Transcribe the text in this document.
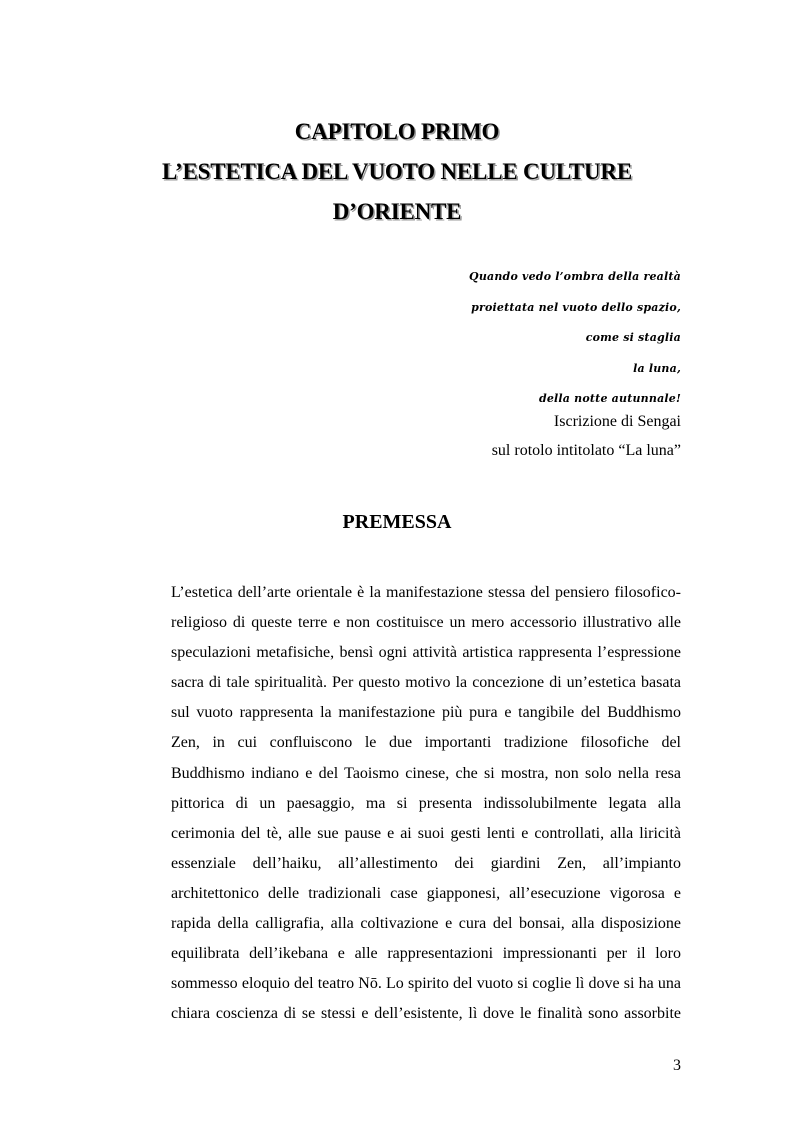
CAPITOLO PRIMO
L’ESTETICA DEL VUOTO NELLE CULTURE
D’ORIENTE
Quando vedo l’ombra della realtà
proiettata nel vuoto dello spazio,
come si staglia
la luna,
della notte autunnale!
Iscrizione di Sengai
sul rotolo intitolato “La luna”
PREMESSA
L’estetica dell’arte orientale è la manifestazione stessa del pensiero filosofico-
religioso di queste terre e non costituisce un mero accessorio illustrativo alle
speculazioni metafisiche, bensì ogni attività artistica rappresenta l’espressione
sacra di tale spiritualità. Per questo motivo la concezione di un’estetica basata
sul vuoto rappresenta la manifestazione più pura e tangibile del Buddhismo
Zen, in cui confluiscono le due importanti tradizione filosofiche del
Buddhismo indiano e del Taoismo cinese, che si mostra, non solo nella resa
pittorica di un paesaggio, ma si presenta indissolubilmente legata alla
cerimonia del tè, alle sue pause e ai suoi gesti lenti e controllati, alla liricità
essenziale dell’haiku, all’allestimento dei giardini Zen, all’impianto
architettonico delle tradizionali case giapponesi, all’esecuzione vigorosa e
rapida della calligrafia, alla coltivazione e cura del bonsai, alla disposizione
equilibrata dell’ikebana e alle rappresentazioni impressionanti per il loro
sommesso eloquio del teatro Nō. Lo spirito del vuoto si coglie lì dove si ha una
chiara coscienza di se stessi e dell’esistente, lì dove le finalità sono assorbite
3
